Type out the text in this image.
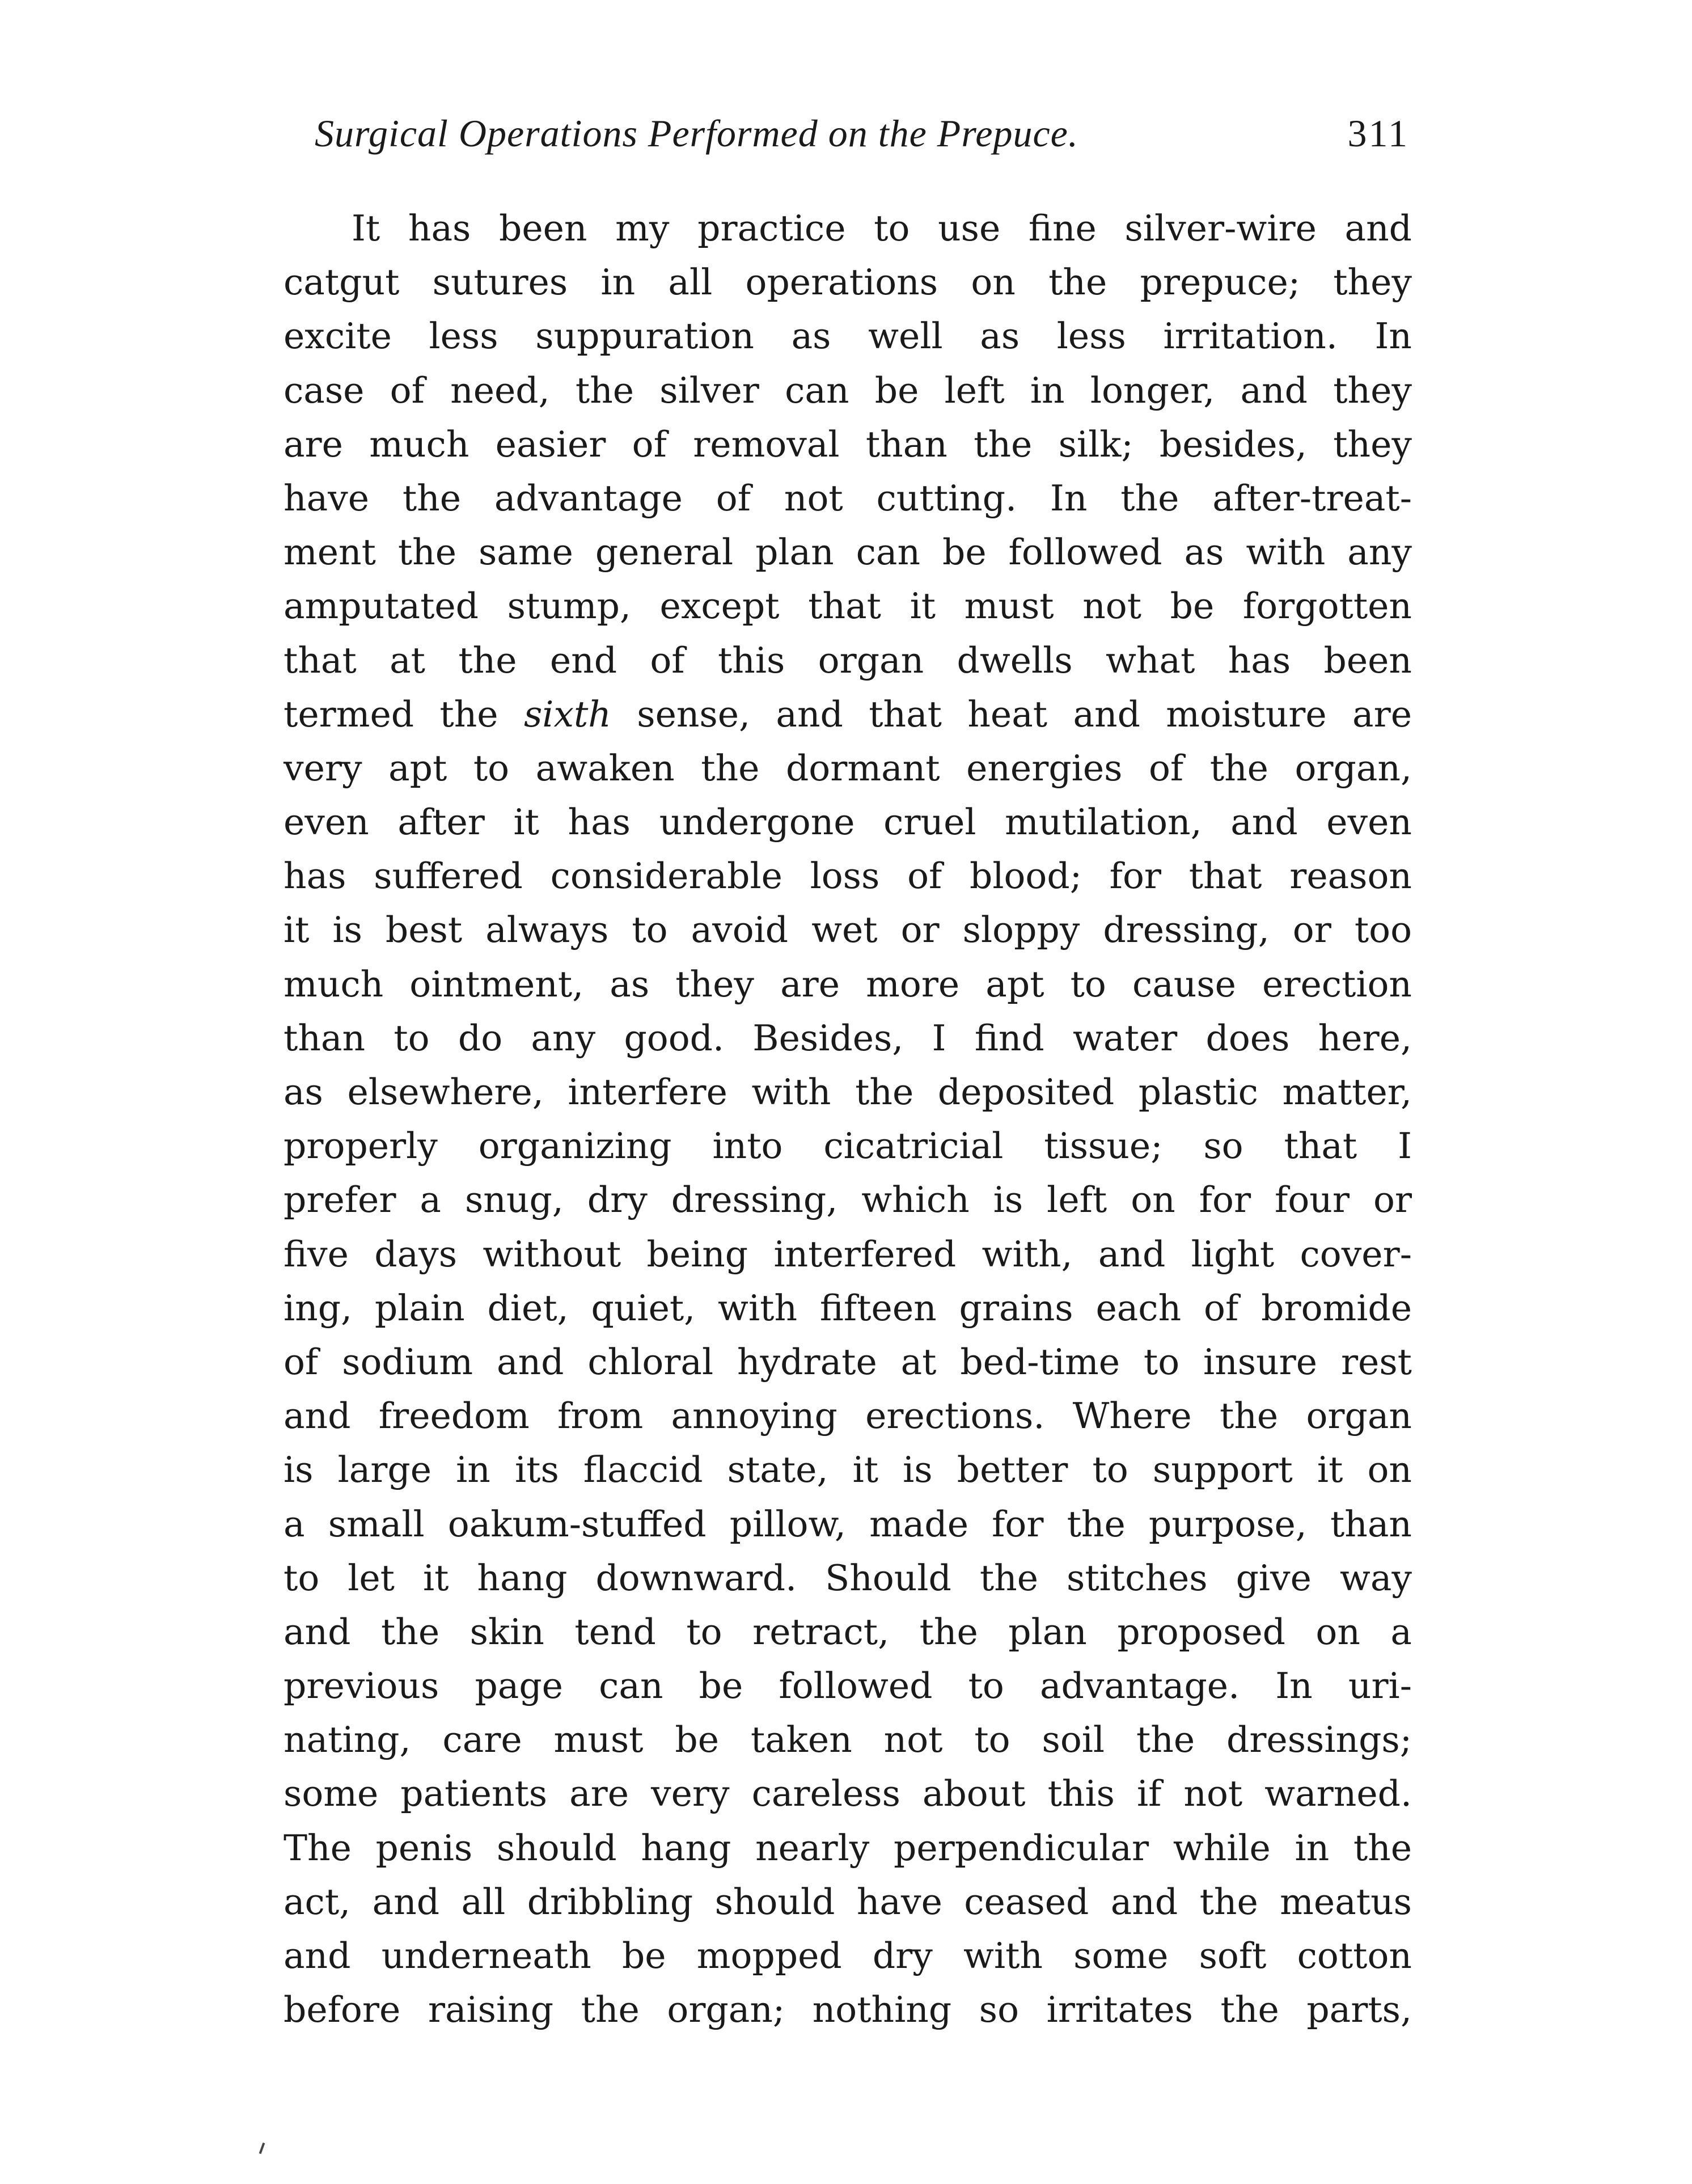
Surgical Operations Performed on the Prepuce.	311
It has been my practice to use fine silver-wire and
catgut sutures in all operations on the prepuce; they
excite less suppuration as well as less irritation. In
case of need, the silver can be left in longer, and they
are much easier of removal than the silk; besides, they
have the advantage of not cutting. In the after-treat-
ment the same general plan can be followed as with any
amputated stump, except that it must not be forgotten
that at the end of this organ dwells what has been
termed the sixth sense, and that heat and moisture are
very apt to awaken the dormant energies of the organ,
even after it has undergone cruel mutilation, and even
has suffered considerable loss of blood; for that reason
it is best always to avoid wet or sloppy dressing, or too
much ointment, as they are more apt to cause erection
than to do any good. Besides, I find water does here,
as elsewhere, interfere with the deposited plastic matter,
properly organizing into cicatricial tissue; so that I
prefer a snug, dry dressing, which is left on for four or
five days without being interfered with, and light cover-
ing, plain diet, quiet, with fifteen grains each of bromide
of sodium and chloral hydrate at bed-time to insure rest
and freedom from annoying erections. Where the organ
is large in its flaccid state, it is better to support it on
a small oakum-stuffed pillow, made for the purpose, than
to let it hang downward. Should the stitches give way
and the skin tend to retract, the plan proposed on a
previous page can be followed to advantage. In uri-
nating, care must be taken not to soil the dressings;
some patients are very careless about this if not warned.
The penis should hang nearly perpendicular while in the
act, and all dribbling should have ceased and the meatus
and underneath be mopped dry with some soft cotton
before raising the organ; nothing so irritates the parts,
